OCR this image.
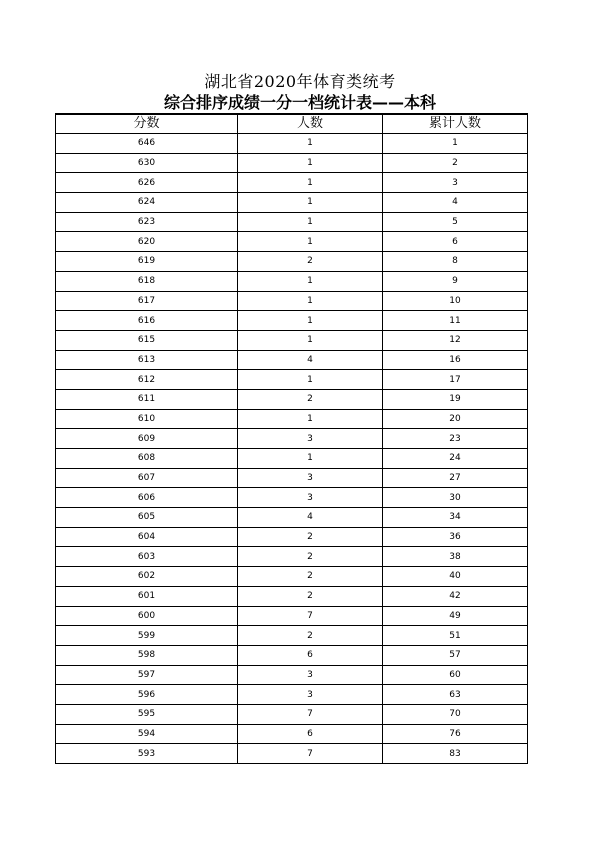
湖北省2020年体育类统考
综合排序成绩一分一档统计表——本科
分数	人数	累计人数
646	1	1
630	1	2
626	1	3
624	1	4
623	1	5
620	1	6
619	2	8
618	1	9
617	1	10
616	1	11
615	1	12
613	4	16
612	1	17
611	2	19
610	1	20
609	3	23
608	1	24
607	3	27
606	3	30
605	4	34
604	2	36
603	2	38
602	2	40
601	2	42
600	7	49
599	2	51
598	6	57
597	3	60
596	3	63
595	7	70
594	6	76
593	7	83
